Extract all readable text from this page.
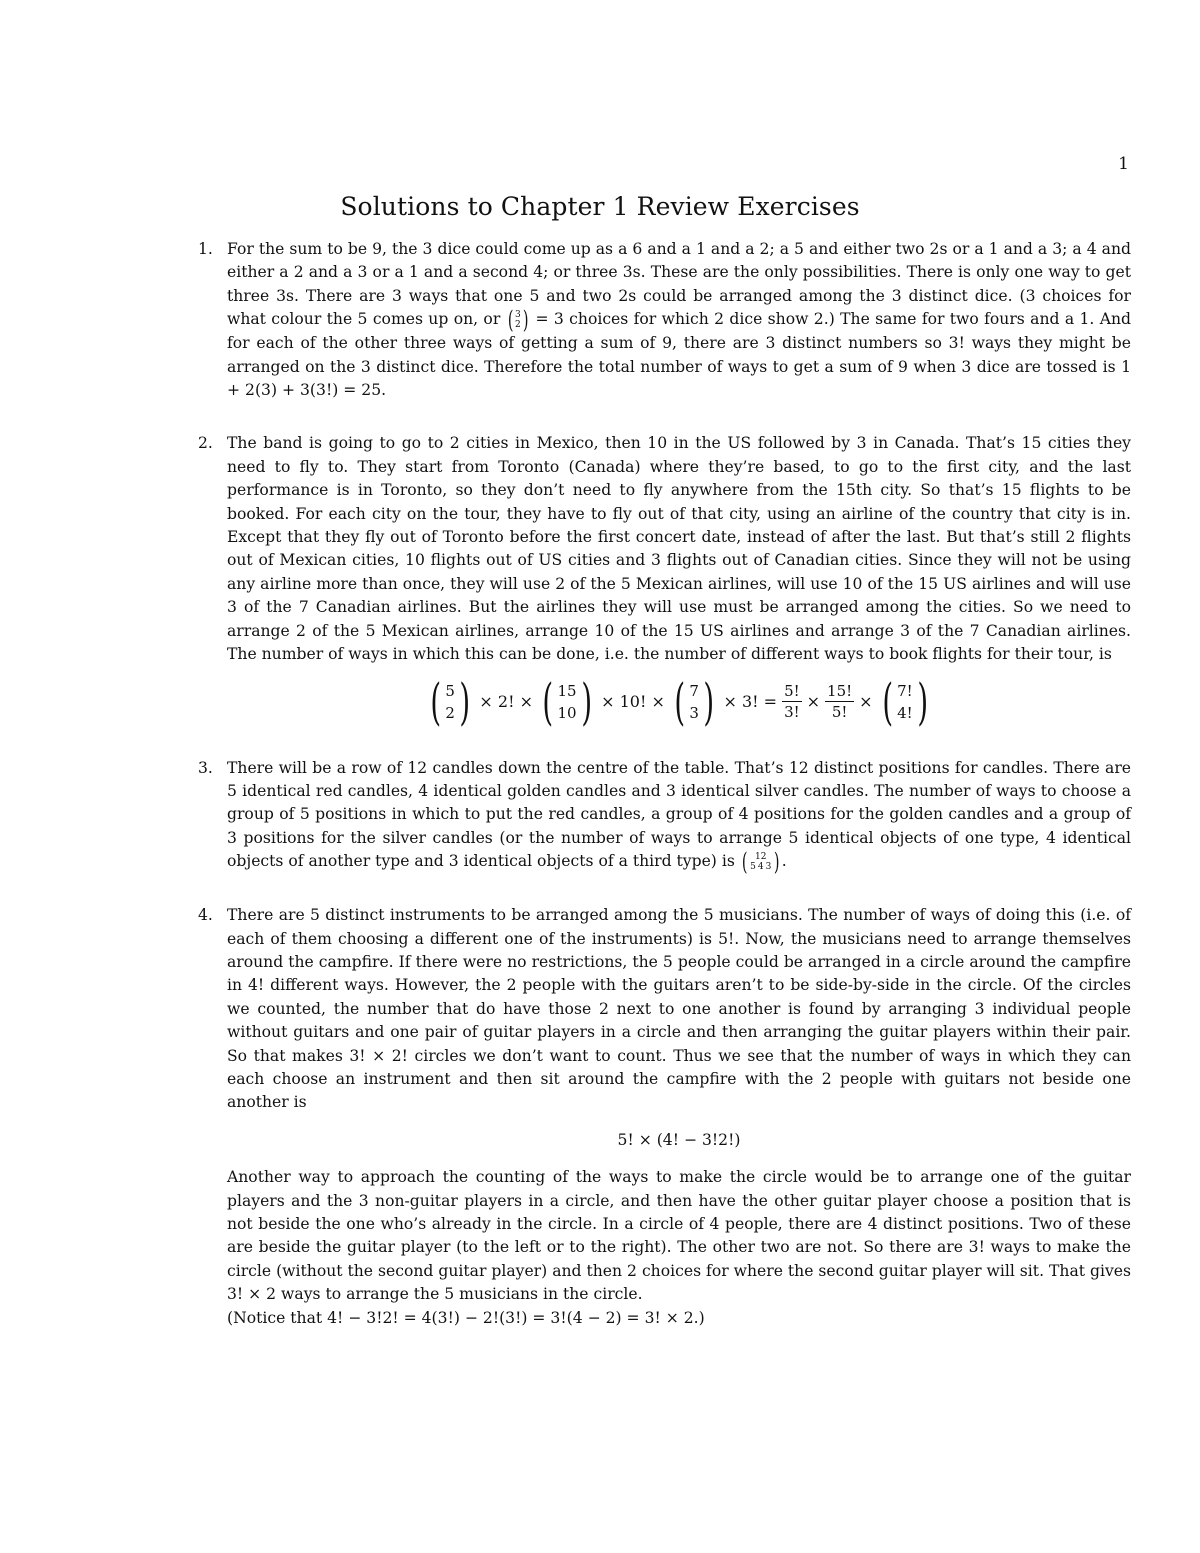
1
Solutions to Chapter 1 Review Exercises
1. For the sum to be 9, the 3 dice could come up as a 6 and a 1 and a 2; a 5 and either two 2s or a 1 and a 3; a 4 and either a 2 and a 3 or a 1 and a second 4; or three 3s. These are the only possibilities. There is only one way to get three 3s. There are 3 ways that one 5 and two 2s could be arranged among the 3 distinct dice. (3 choices for what colour the 5 comes up on, or ( 3
2 ) = 3 choices for which 2 dice show 2.) The same for two fours and a 1. And for each of the other three ways of getting a sum of 9, there are 3 distinct numbers so 3! ways they might be arranged on the 3 distinct dice. Therefore the total number of ways to get a sum of 9 when 3 dice are tossed is 1 + 2(3) + 3(3!) = 25.

2. The band is going to go to 2 cities in Mexico, then 10 in the US followed by 3 in Canada. That’s 15 cities they need to fly to. They start from Toronto (Canada) where they’re based, to go to the first city, and the last performance is in Toronto, so they don’t need to fly anywhere from the 15th city. So that’s 15 flights to be booked. For each city on the tour, they have to fly out of that city, using an airline of the country that city is in. Except that they fly out of Toronto before the first concert date, instead of after the last. But that’s still 2 flights out of Mexican cities, 10 flights out of US cities and 3 flights out of Canadian cities. Since they will not be using any airline more than once, they will use 2 of the 5 Mexican airlines, will use 10 of the 15 US airlines and will use 3 of the 7 Canadian airlines. But the airlines they will use must be arranged among the cities. So we need to arrange 2 of the 5 Mexican airlines, arrange 10 of the 15 US airlines and arrange 3 of the 7 Canadian airlines. The number of ways in which this can be done, i.e. the number of different ways to book flights for their tour, is

( 5
2 ) × 2! × ( 15
10 ) × 10! × ( 7
3 ) × 3! = $\frac{5!}{3!} \times \frac{15!}{5!}$ × ( 7!
4! )
3. There will be a row of 12 candles down the centre of the table. That’s 12 distinct positions for candles. There are 5 identical red candles, 4 identical golden candles and 3 identical silver candles. The number of ways to choose a group of 5 positions in which to put the red candles, a group of 4 positions for the golden candles and a group of 3 positions for the silver candles (or the number of ways to arrange 5 identical objects of one type, 4 identical objects of another type and 3 identical objects of a third type) is ( 12
5 4 3 ) .

4. There are 5 distinct instruments to be arranged among the 5 musicians. The number of ways of doing this (i.e. of each of them choosing a different one of the instruments) is 5!. Now, the musicians need to arrange themselves around the campfire. If there were no restrictions, the 5 people could be arranged in a circle around the campfire in 4! different ways. However, the 2 people with the guitars aren’t to be side-by-side in the circle. Of the circles we counted, the number that do have those 2 next to one another is found by arranging 3 individual people without guitars and one pair of guitar players in a circle and then arranging the guitar players within their pair. So that makes 3! × 2! circles we don’t want to count. Thus we see that the number of ways in which they can each choose an instrument and then sit around the campfire with the 2 people with guitars not beside one another is

5! × (4! − 3!2!)

Another way to approach the counting of the ways to make the circle would be to arrange one of the guitar players and the 3 non-guitar players in a circle, and then have the other guitar player choose a position that is not beside the one who’s already in the circle. In a circle of 4 people, there are 4 distinct positions. Two of these are beside the guitar player (to the left or to the right). The other two are not. So there are 3! ways to make the circle (without the second guitar player) and then 2 choices for where the second guitar player will sit. That gives 3! × 2 ways to arrange the 5 musicians in the circle.

(Notice that 4! − 3!2! = 4(3!) − 2!(3!) = 3!(4 − 2) = 3! × 2.)
